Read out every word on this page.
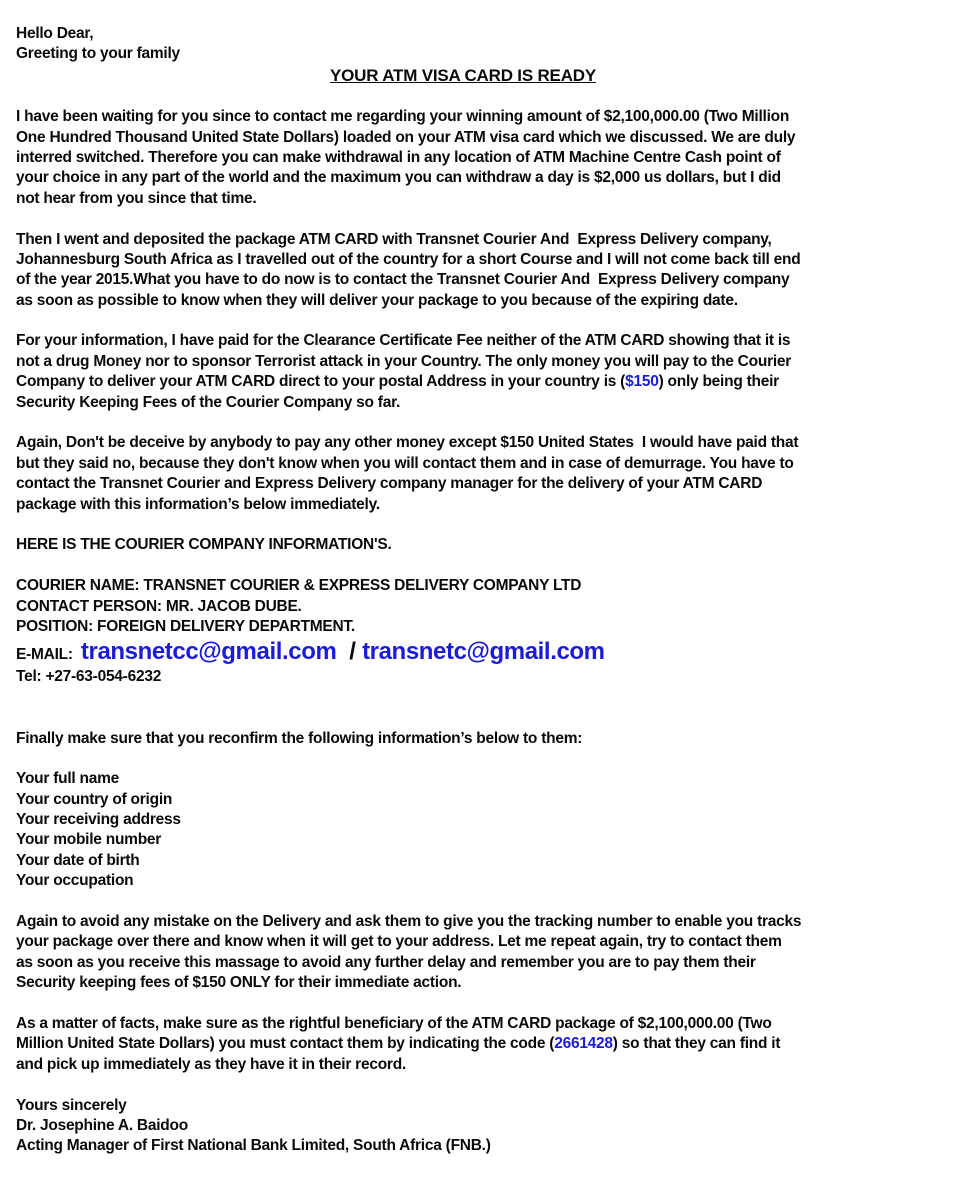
Hello Dear,
Greeting to your family
YOUR ATM VISA CARD IS READY
I have been waiting for you since to contact me regarding your winning amount of $2,100,000.00 (Two Million
One Hundred Thousand United State Dollars) loaded on your ATM visa card which we discussed. We are duly
interred switched. Therefore you can make withdrawal in any location of ATM Machine Centre Cash point of
your choice in any part of the world and the maximum you can withdraw a day is $2,000 us dollars, but I did
not hear from you since that time.
Then I went and deposited the package ATM CARD with Transnet Courier And  Express Delivery company,
Johannesburg South Africa as I travelled out of the country for a short Course and I will not come back till end
of the year 2015.What you have to do now is to contact the Transnet Courier And  Express Delivery company
as soon as possible to know when they will deliver your package to you because of the expiring date.
For your information, I have paid for the Clearance Certificate Fee neither of the ATM CARD showing that it is
not a drug Money nor to sponsor Terrorist attack in your Country. The only money you will pay to the Courier
Company to deliver your ATM CARD direct to your postal Address in your country is ($150) only being their
Security Keeping Fees of the Courier Company so far.
Again, Don't be deceive by anybody to pay any other money except $150 United States  I would have paid that
but they said no, because they don't know when you will contact them and in case of demurrage. You have to
contact the Transnet Courier and Express Delivery company manager for the delivery of your ATM CARD
package with this information’s below immediately.
HERE IS THE COURIER COMPANY INFORMATION'S.
COURIER NAME: TRANSNET COURIER & EXPRESS DELIVERY COMPANY LTD
CONTACT PERSON: MR. JACOB DUBE.
POSITION: FOREIGN DELIVERY DEPARTMENT.
E-MAIL:  transnetcc@gmail.com  / transnetc@gmail.com
Tel: +27-63-054-6232
Finally make sure that you reconfirm the following information’s below to them:
Your full name
Your country of origin
Your receiving address
Your mobile number
Your date of birth
Your occupation
Again to avoid any mistake on the Delivery and ask them to give you the tracking number to enable you tracks
your package over there and know when it will get to your address. Let me repeat again, try to contact them
as soon as you receive this massage to avoid any further delay and remember you are to pay them their
Security keeping fees of $150 ONLY for their immediate action.
As a matter of facts, make sure as the rightful beneficiary of the ATM CARD package of $2,100,000.00 (Two
Million United State Dollars) you must contact them by indicating the code (2661428) so that they can find it
and pick up immediately as they have it in their record.
Yours sincerely
Dr. Josephine A. Baidoo
Acting Manager of First National Bank Limited, South Africa (FNB.)
